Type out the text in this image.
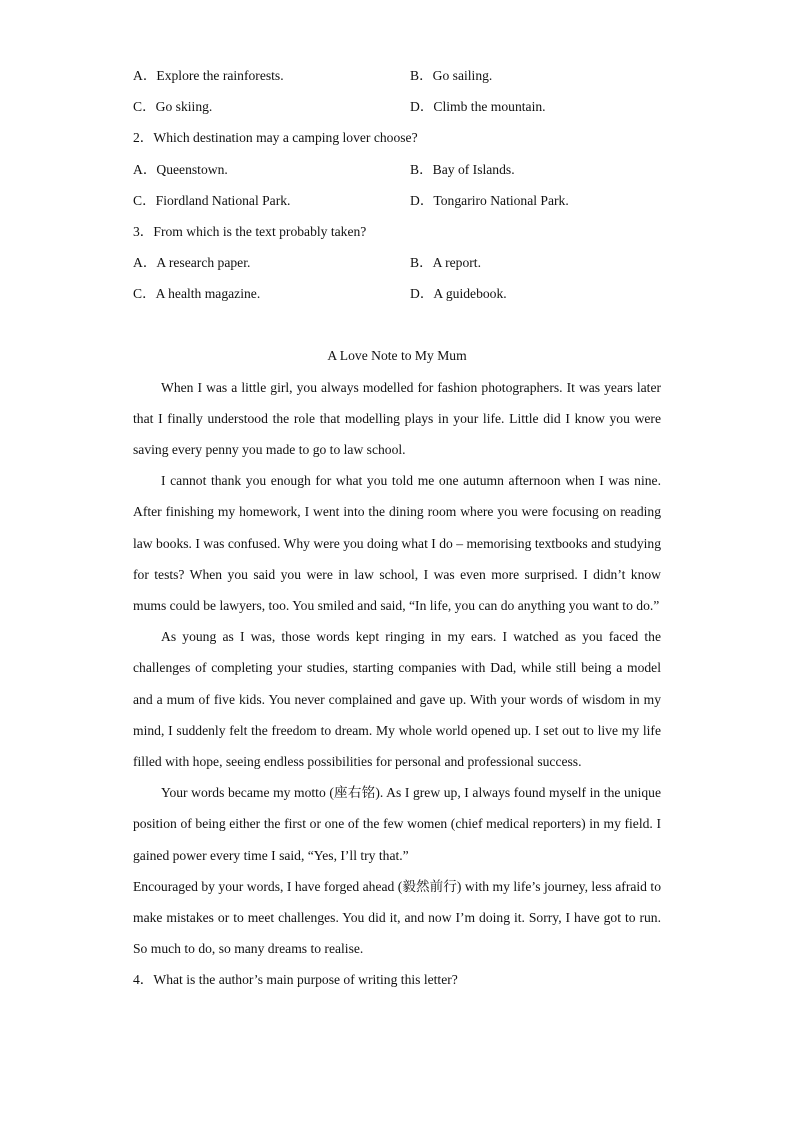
A．Explore the rainforests.	B．Go sailing.
C．Go skiing.	D．Climb the mountain.
2．Which destination may a camping lover choose?
A．Queenstown.	B．Bay of Islands.
C．Fiordland National Park.	D．Tongariro National Park.
3．From which is the text probably taken?
A．A research paper.	B．A report.
C．A health magazine.	D．A guidebook.
A Love Note to My Mum

When I was a little girl, you always modelled for fashion photographers. It was years later that I finally understood the role that modelling plays in your life. Little did I know you were saving every penny you made to go to law school.

I cannot thank you enough for what you told me one autumn afternoon when I was nine. After finishing my homework, I went into the dining room where you were focusing on reading law books. I was confused. Why were you doing what I do – memorising textbooks and studying for tests? When you said you were in law school, I was even more surprised. I didn’t know mums could be lawyers, too. You smiled and said, “In life, you can do anything you want to do.”

As young as I was, those words kept ringing in my ears. I watched as you faced the challenges of completing your studies, starting companies with Dad, while still being a model and a mum of five kids. You never complained and gave up. With your words of wisdom in my mind, I suddenly felt the freedom to dream. My whole world opened up. I set out to live my life filled with hope, seeing endless possibilities for personal and professional success.

Your words became my motto (座右铭). As I grew up, I always found myself in the unique position of being either the first or one of the few women (chief medical reporters) in my field. I gained power every time I said, “Yes, I’ll try that.”

Encouraged by your words, I have forged ahead (毅然前行) with my life’s journey, less afraid to make mistakes or to meet challenges. You did it, and now I’m doing it. Sorry, I have got to run. So much to do, so many dreams to realise.

4．What is the author’s main purpose of writing this letter?
